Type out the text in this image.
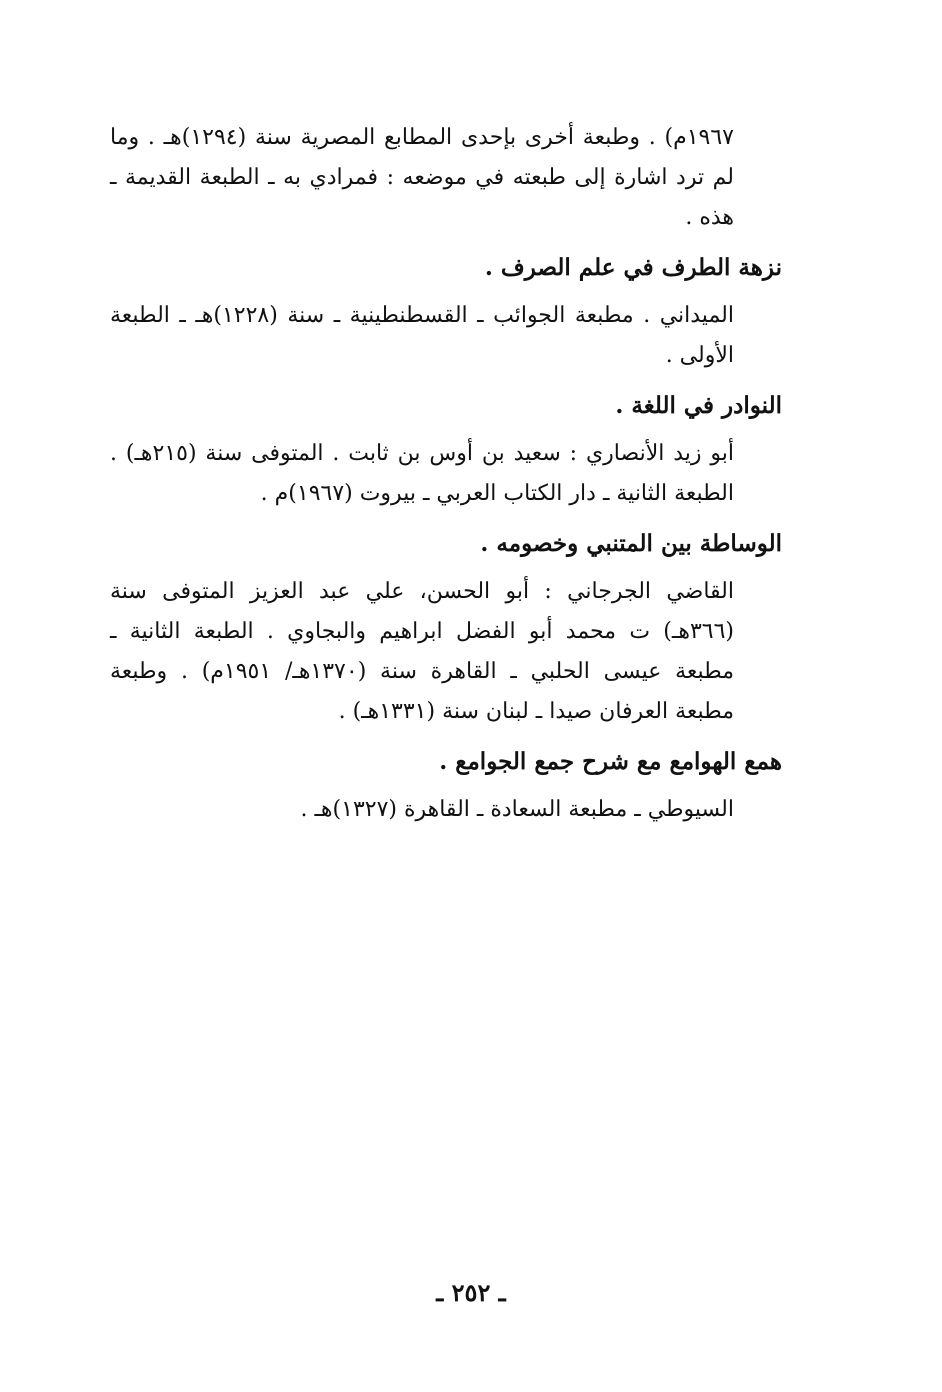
١٩٦٧م) . وطبعة أخرى بإحدى المطابع المصرية سنة (١٢٩٤)هـ . وما لم ترد اشارة إلى طبعته في موضعه : فمرادي به ـ الطبعة القديمة ـ هذه .

نزهة الطرف في علم الصرف .

الميداني . مطبعة الجوائب ـ القسطنطينية ـ سنة (١٢٢٨)هـ ـ الطبعة الأولى .

النوادر في اللغة .

أبو زيد الأنصاري : سعيد بن أوس بن ثابت . المتوفى سنة (٢١٥هـ) . الطبعة الثانية ـ دار الكتاب العربي ـ بيروت (١٩٦٧)م .

الوساطة بين المتنبي وخصومه .

القاضي الجرجاني : أبو الحسن، علي عبد العزيز المتوفى سنة (٣٦٦هـ) ت محمد أبو الفضل ابراهيم والبجاوي . الطبعة الثانية ـ مطبعة عيسى الحلبي ـ القاهرة سنة (١٣٧٠هـ/ ١٩٥١م) . وطبعة مطبعة العرفان صيدا ـ لبنان سنة (١٣٣١هـ) .

همع الهوامع مع شرح جمع الجوامع .

السيوطي ـ مطبعة السعادة ـ القاهرة (١٣٢٧)هـ .

ـ ٢٥٢ ـ
